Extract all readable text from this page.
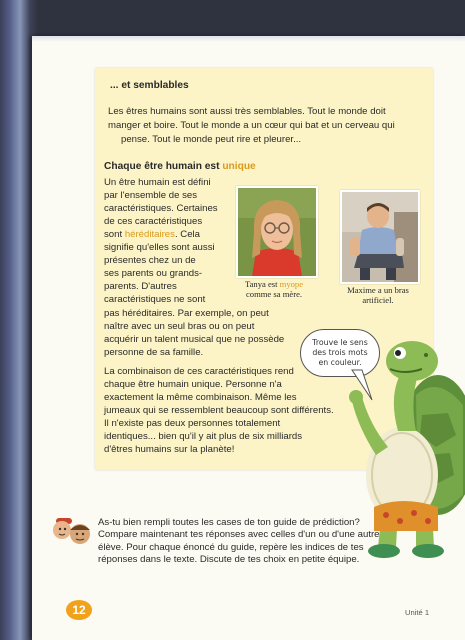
... et semblables
Les êtres humains sont aussi très semblables. Tout le monde doit
manger et boire. Tout le monde a un cœur qui bat et un cerveau qui
pense. Tout le monde peut rire et pleurer...
Chaque être humain est unique
Un être humain est défini
par l'ensemble de ses
caractéristiques. Certaines
de ces caractéristiques
sont héréditaires. Cela
signifie qu'elles sont aussi
présentes chez un de
ses parents ou grands-
parents. D'autres
caractéristiques ne sont
pas héréditaires. Par exemple, on peut
naître avec un seul bras ou on peut
acquérir un talent musical que ne possède
personne de sa famille.
La combinaison de ces caractéristiques rend
chaque être humain unique. Personne n'a
exactement la même combinaison. Même les
jumeaux qui se ressemblent beaucoup sont différents.
Il n'existe pas deux personnes totalement
identiques... bien qu'il y ait plus de six milliards
d'êtres humains sur la planète!
Tanya est myope
comme sa mère.	Maxime a un bras
artificiel.
Trouve le sens
des trois mots
en couleur.
As-tu bien rempli toutes les cases de ton guide de prédiction?
Compare maintenant tes réponses avec celles d'un ou d'une autre
élève. Pour chaque énoncé du guide, repère les indices de tes
réponses dans le texte. Discute de tes choix en petite équipe.
12	Unité 1
